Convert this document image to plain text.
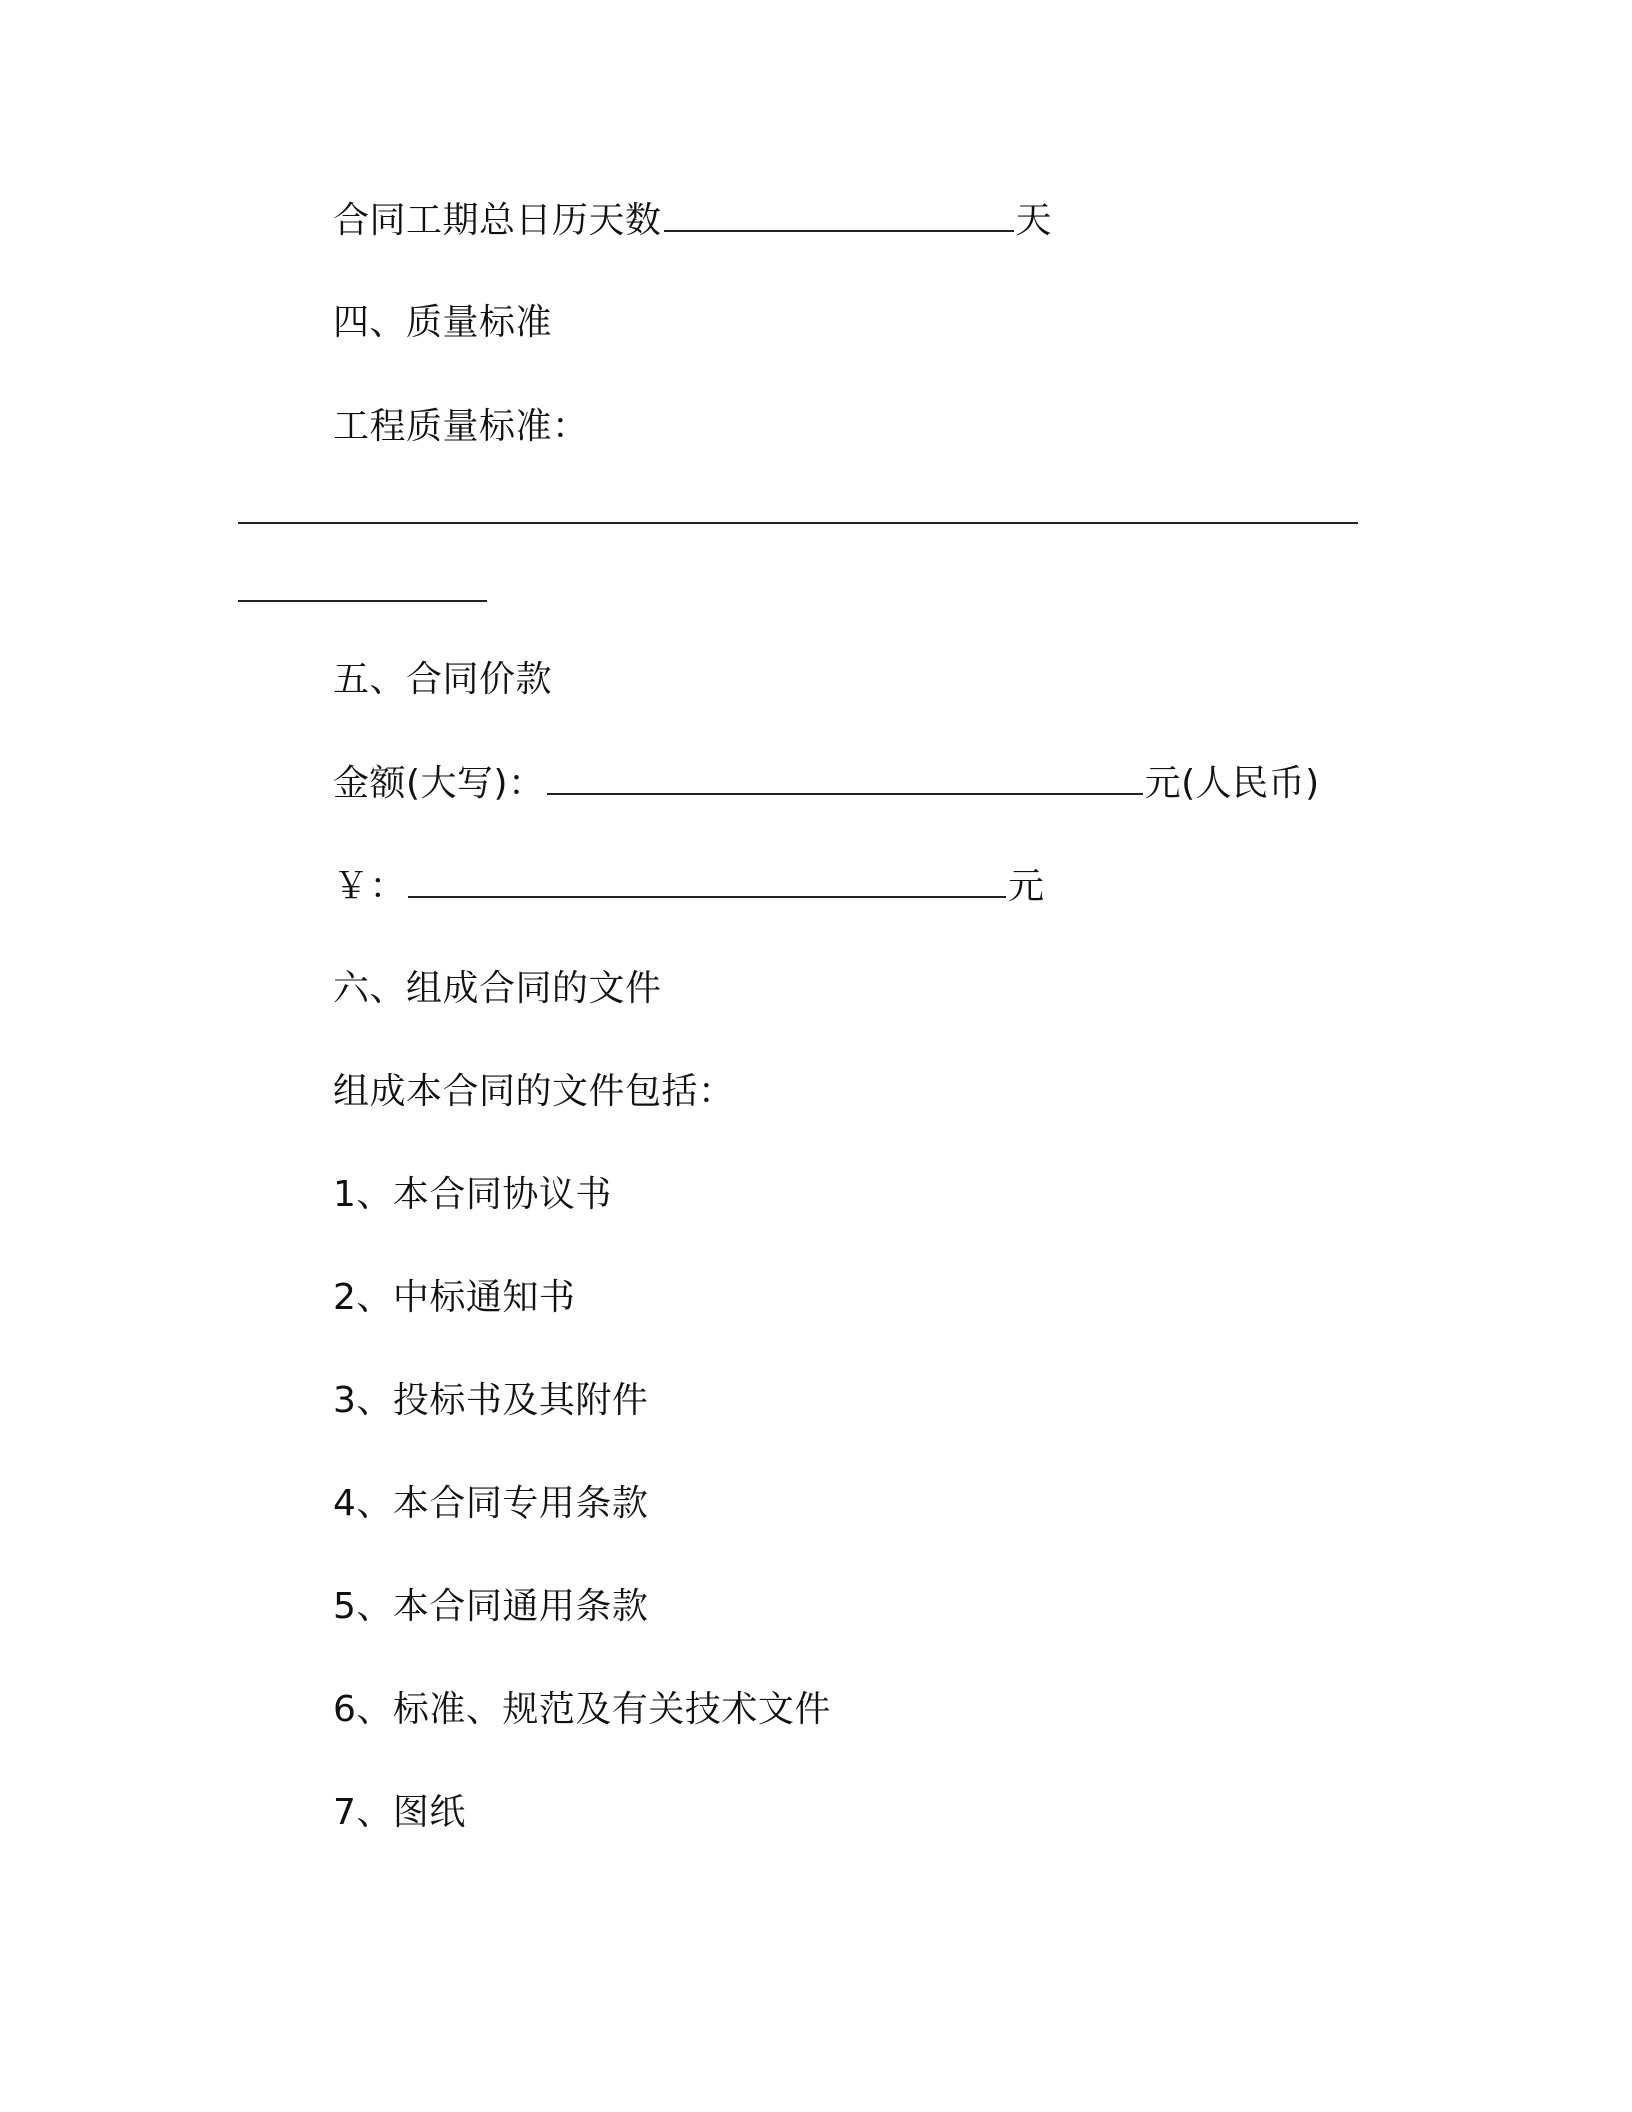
合同工期总日历天数	天
四、质量标准
工程质量标准：
五、合同价款
金额(大写)：	元(人民币)
￥：	元
六、组成合同的文件
组成本合同的文件包括：
1、本合同协议书
2、中标通知书
3、投标书及其附件
4、本合同专用条款
5、本合同通用条款
6、标准、规范及有关技术文件
7、图纸
